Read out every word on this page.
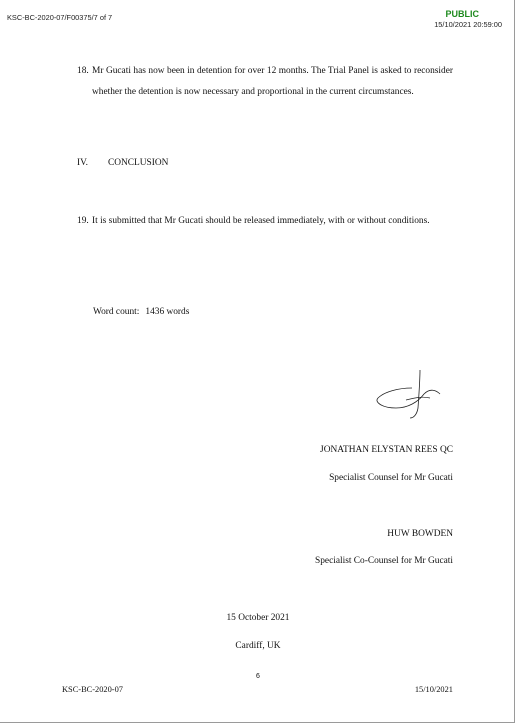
KSC-BC-2020-07/F00375/7 of 7	PUBLIC
15/10/2021 20:59:00
18. Mr Gucati has now been in detention for over 12 months. The Trial Panel is asked to reconsider whether the detention is now necessary and proportional in the current circumstances.
IV. CONCLUSION
19. It is submitted that Mr Gucati should be released immediately, with or without conditions.
Word count: 1436 words
JONATHAN ELYSTAN REES QC
Specialist Counsel for Mr Gucati
HUW BOWDEN
Specialist Co-Counsel for Mr Gucati
15 October 2021
Cardiff, UK
6
KSC-BC-2020-07	15/10/2021
